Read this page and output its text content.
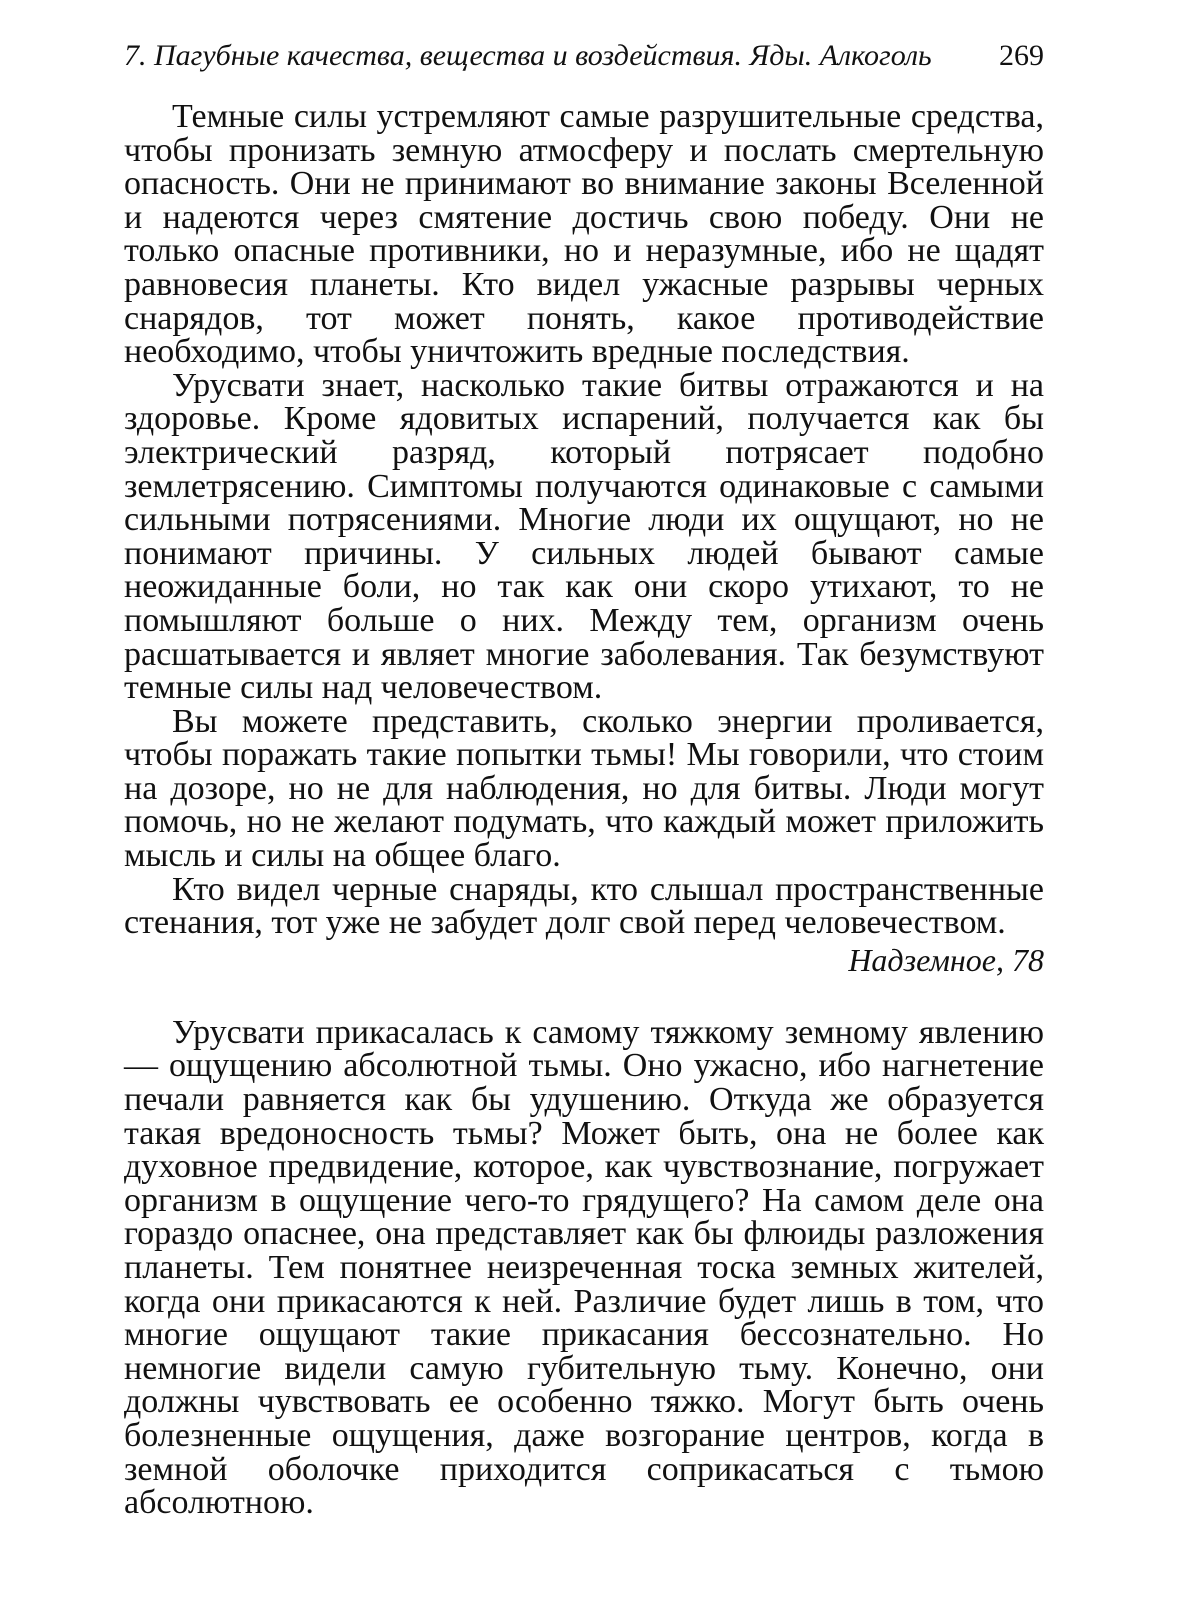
7. Пагубные качества, вещества и воздействия. Яды. Алкоголь 269

Темные силы устремляют самые разрушительные средства, чтобы пронизать земную атмосферу и послать смертельную опасность. Они не принимают во внимание законы Вселенной и надеются через смятение достичь свою победу. Они не только опасные противники, но и неразумные, ибо не щадят равновесия планеты. Кто видел ужасные разрывы черных снарядов, тот может понять, какое противодействие необходимо, чтобы уничтожить вредные последствия.

Урусвати знает, насколько такие битвы отражаются и на здоровье. Кроме ядовитых испарений, получается как бы электрический разряд, который потрясает подобно землетрясению. Симптомы получаются одинаковые с самыми сильными потрясениями. Многие люди их ощущают, но не понимают причины. У сильных людей бывают самые неожиданные боли, но так как они скоро утихают, то не помышляют больше о них. Между тем, организм очень расшатывается и являет многие заболевания. Так безумствуют темные силы над человечеством.

Вы можете представить, сколько энергии проливается, чтобы поражать такие попытки тьмы! Мы говорили, что стоим на дозоре, но не для наблюдения, но для битвы. Люди могут помочь, но не желают подумать, что каждый может приложить мысль и силы на общее благо.

Кто видел черные снаряды, кто слышал пространственные стенания, тот уже не забудет долг свой перед человечеством.

Надземное, 78

Урусвати прикасалась к самому тяжкому земному явлению — ощущению абсолютной тьмы. Оно ужасно, ибо нагнетение печали равняется как бы удушению. Откуда же образуется такая вредоносность тьмы? Может быть, она не более как духовное предвидение, которое, как чувствознание, погружает организм в ощущение чего-то грядущего? На самом деле она гораздо опаснее, она представляет как бы флюиды разложения планеты. Тем понятнее неизреченная тоска земных жителей, когда они прикасаются к ней. Различие будет лишь в том, что многие ощущают такие прикасания бессознательно. Но немногие видели самую губительную тьму. Конечно, они должны чувствовать ее особенно тяжко. Могут быть очень болезненные ощущения, даже возгорание центров, когда в земной оболочке приходится соприкасаться с тьмою абсолютною.
